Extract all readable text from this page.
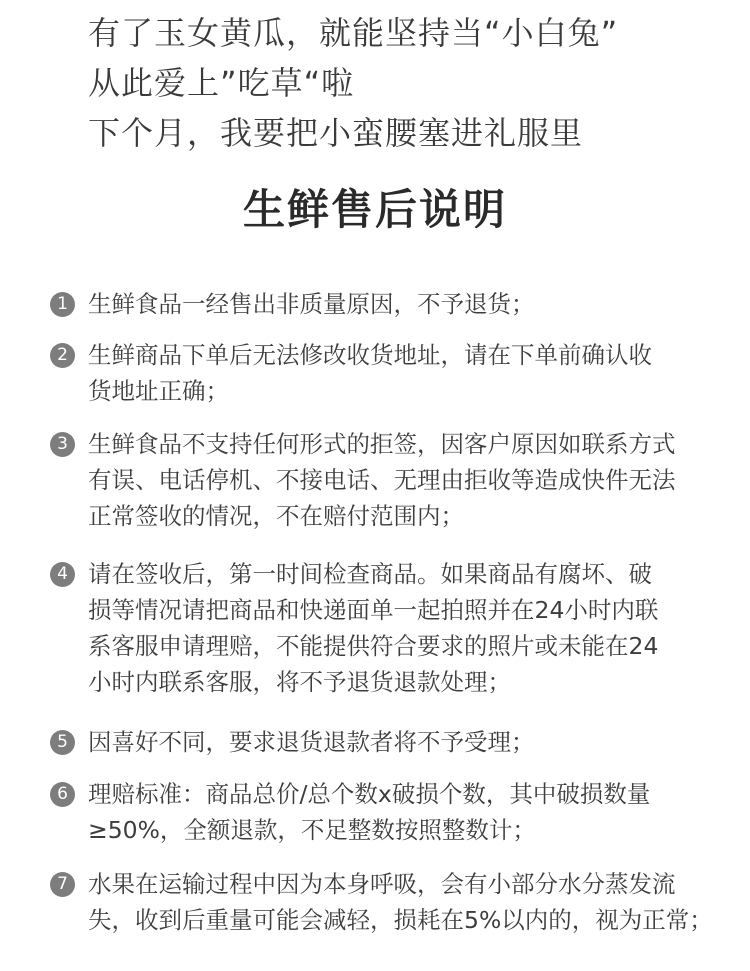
有了玉女黄瓜，就能坚持当“小白兔”
从此爱上”吃草“啦
下个月，我要把小蛮腰塞进礼服里
生鲜售后说明
1 生鲜食品一经售出非质量原因，不予退货；
2 生鲜商品下单后无法修改收货地址，请在下单前确认收
货地址正确；
3 生鲜食品不支持任何形式的拒签，因客户原因如联系方式
有误、电话停机、不接电话、无理由拒收等造成快件无法
正常签收的情况，不在赔付范围内；
4 请在签收后，第一时间检查商品。如果商品有腐坏、破
损等情况请把商品和快递面单一起拍照并在24小时内联
系客服申请理赔，不能提供符合要求的照片或未能在24
小时内联系客服，将不予退货退款处理；
5 因喜好不同，要求退货退款者将不予受理；
6 理赔标准：商品总价/总个数x破损个数，其中破损数量
≥50%，全额退款，不足整数按照整数计；
7 水果在运输过程中因为本身呼吸，会有小部分水分蒸发流
失，收到后重量可能会减轻，损耗在5%以内的，视为正常；
